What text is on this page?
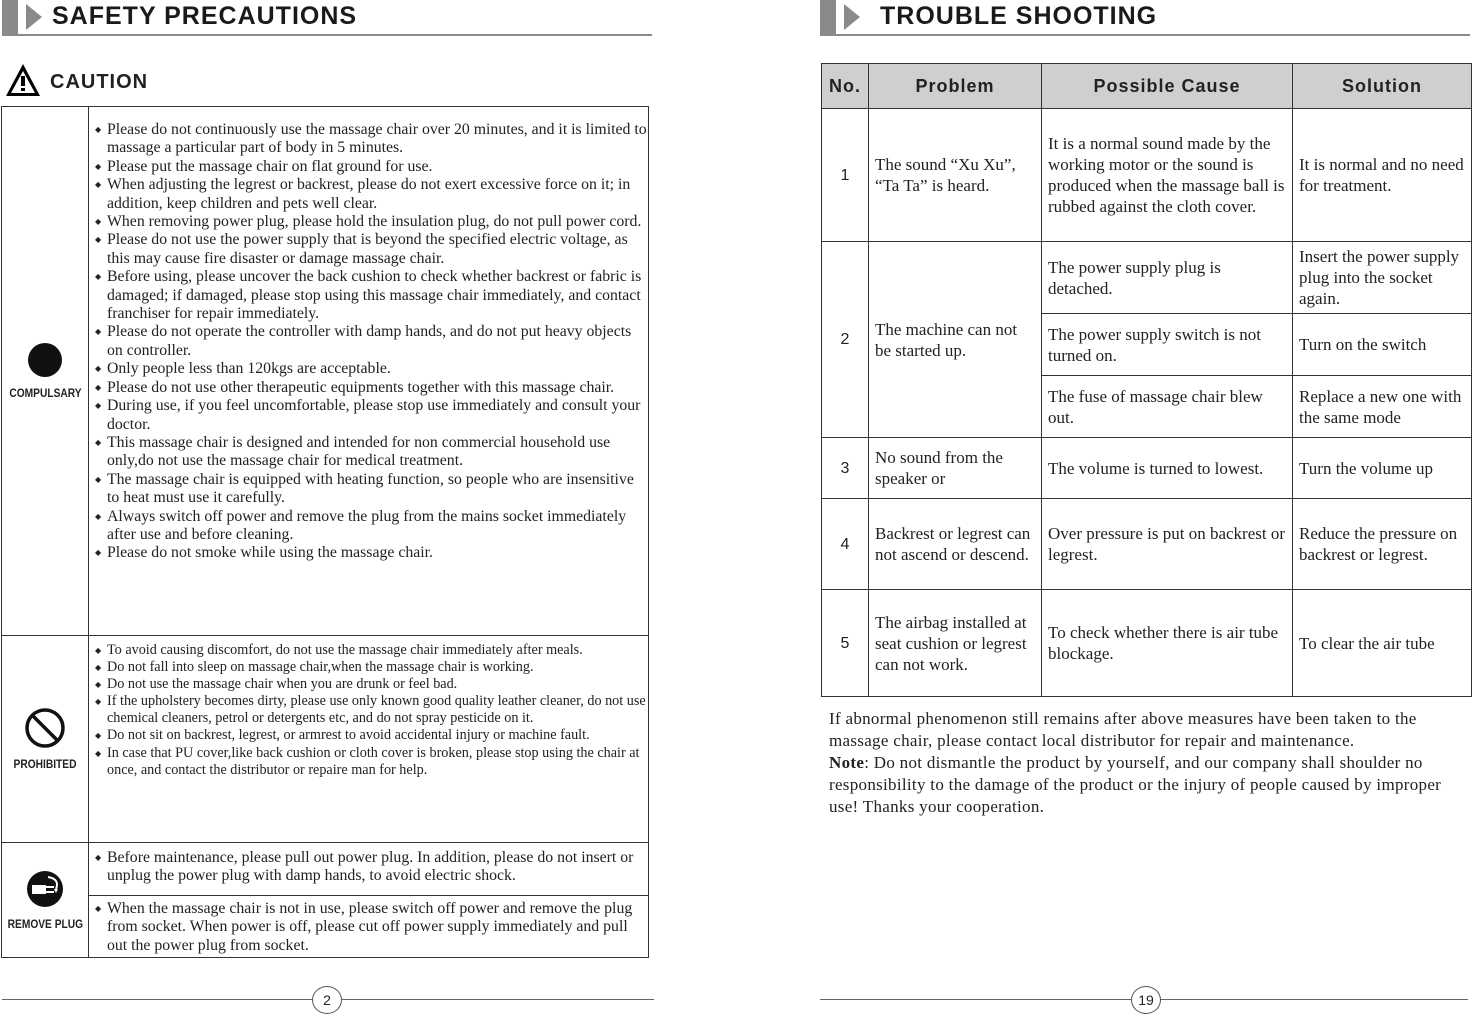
SAFETY PRECAUTIONS
CAUTION
COMPULSARY
◆ Please do not continuously use the massage chair over 20 minutes, and it is limited to massage a particular part of body in 5 minutes.
◆ Please put the massage chair on flat ground for use.
◆ When adjusting the legrest or backrest, please do not exert excessive force on it; in addition, keep children and pets well clear.
◆ When removing power plug, please hold the insulation plug, do not pull power cord.
◆ Please do not use the power supply that is beyond the specified electric voltage, as this may cause fire disaster or damage massage chair.
◆ Before using, please uncover the back cushion to check whether backrest or fabric is damaged; if damaged, please stop using this massage chair immediately, and contact franchiser for repair immediately.
◆ Please do not operate the controller with damp hands, and do not put heavy objects on controller.
◆ Only people less than 120kgs are acceptable.
◆ Please do not use other therapeutic equipments together with this massage chair.
◆ During use, if you feel uncomfortable, please stop use immediately and consult your doctor.
◆ This massage chair is designed and intended for non commercial household use only,do not use the massage chair for medical treatment.
◆ The massage chair is equipped with heating function, so people who are insensitive to heat must use it carefully.
◆ Always switch off power and remove the plug from the mains socket immediately after use and before cleaning.
◆ Please do not smoke while using the massage chair.
PROHIBITED
◆ To avoid causing discomfort, do not use the massage chair immediately after meals.
◆ Do not fall into sleep on massage chair,when the massage chair is working.
◆ Do not use the massage chair when you are drunk or feel bad.
◆ If the upholstery becomes dirty, please use only known good quality leather cleaner, do not use chemical cleaners, petrol or detergents etc, and do not spray pesticide on it.
◆ Do not sit on backrest, legrest, or armrest to avoid accidental injury or machine fault.
◆ In case that PU cover,like back cushion or cloth cover is broken, please stop using the chair at once, and contact the distributor or repaire man for help.
REMOVE PLUG
◆ Before maintenance, please pull out power plug. In addition, please do not insert or unplug the power plug with damp hands, to avoid electric shock.
◆ When the massage chair is not in use, please switch off power and remove the plug from socket. When power is off, please cut off power supply immediately and pull out the power plug from socket.
2
TROUBLE SHOOTING
No.	Problem	Possible Cause	Solution
1	The sound “Xu Xu”, “Ta Ta” is heard.	It is a normal sound made by the working motor or the sound is produced when the massage ball is rubbed against the cloth cover.	It is normal and no need for treatment.
2	The machine can not be started up.	The power supply plug is detached.	Insert the power supply plug into the socket again.
		The power supply switch is not turned on.	Turn on the switch
		The fuse of massage chair blew out.	Replace a new one with the same mode
3	No sound from the speaker or	The volume is turned to lowest.	Turn the volume up
4	Backrest or legrest can not ascend or descend.	Over pressure is put on backrest or legrest.	Reduce the pressure on backrest or legrest.
5	The airbag installed at seat cushion or legrest can not work.	To check whether there is air tube blockage.	To clear the air tube

If abnormal phenomenon still remains after above measures have been taken to the massage chair, please contact local distributor for repair and maintenance.

Note: Do not dismantle the product by yourself, and our company shall shoulder no responsibility to the damage of the product or the injury of people caused by improper use! Thanks your cooperation.

19
